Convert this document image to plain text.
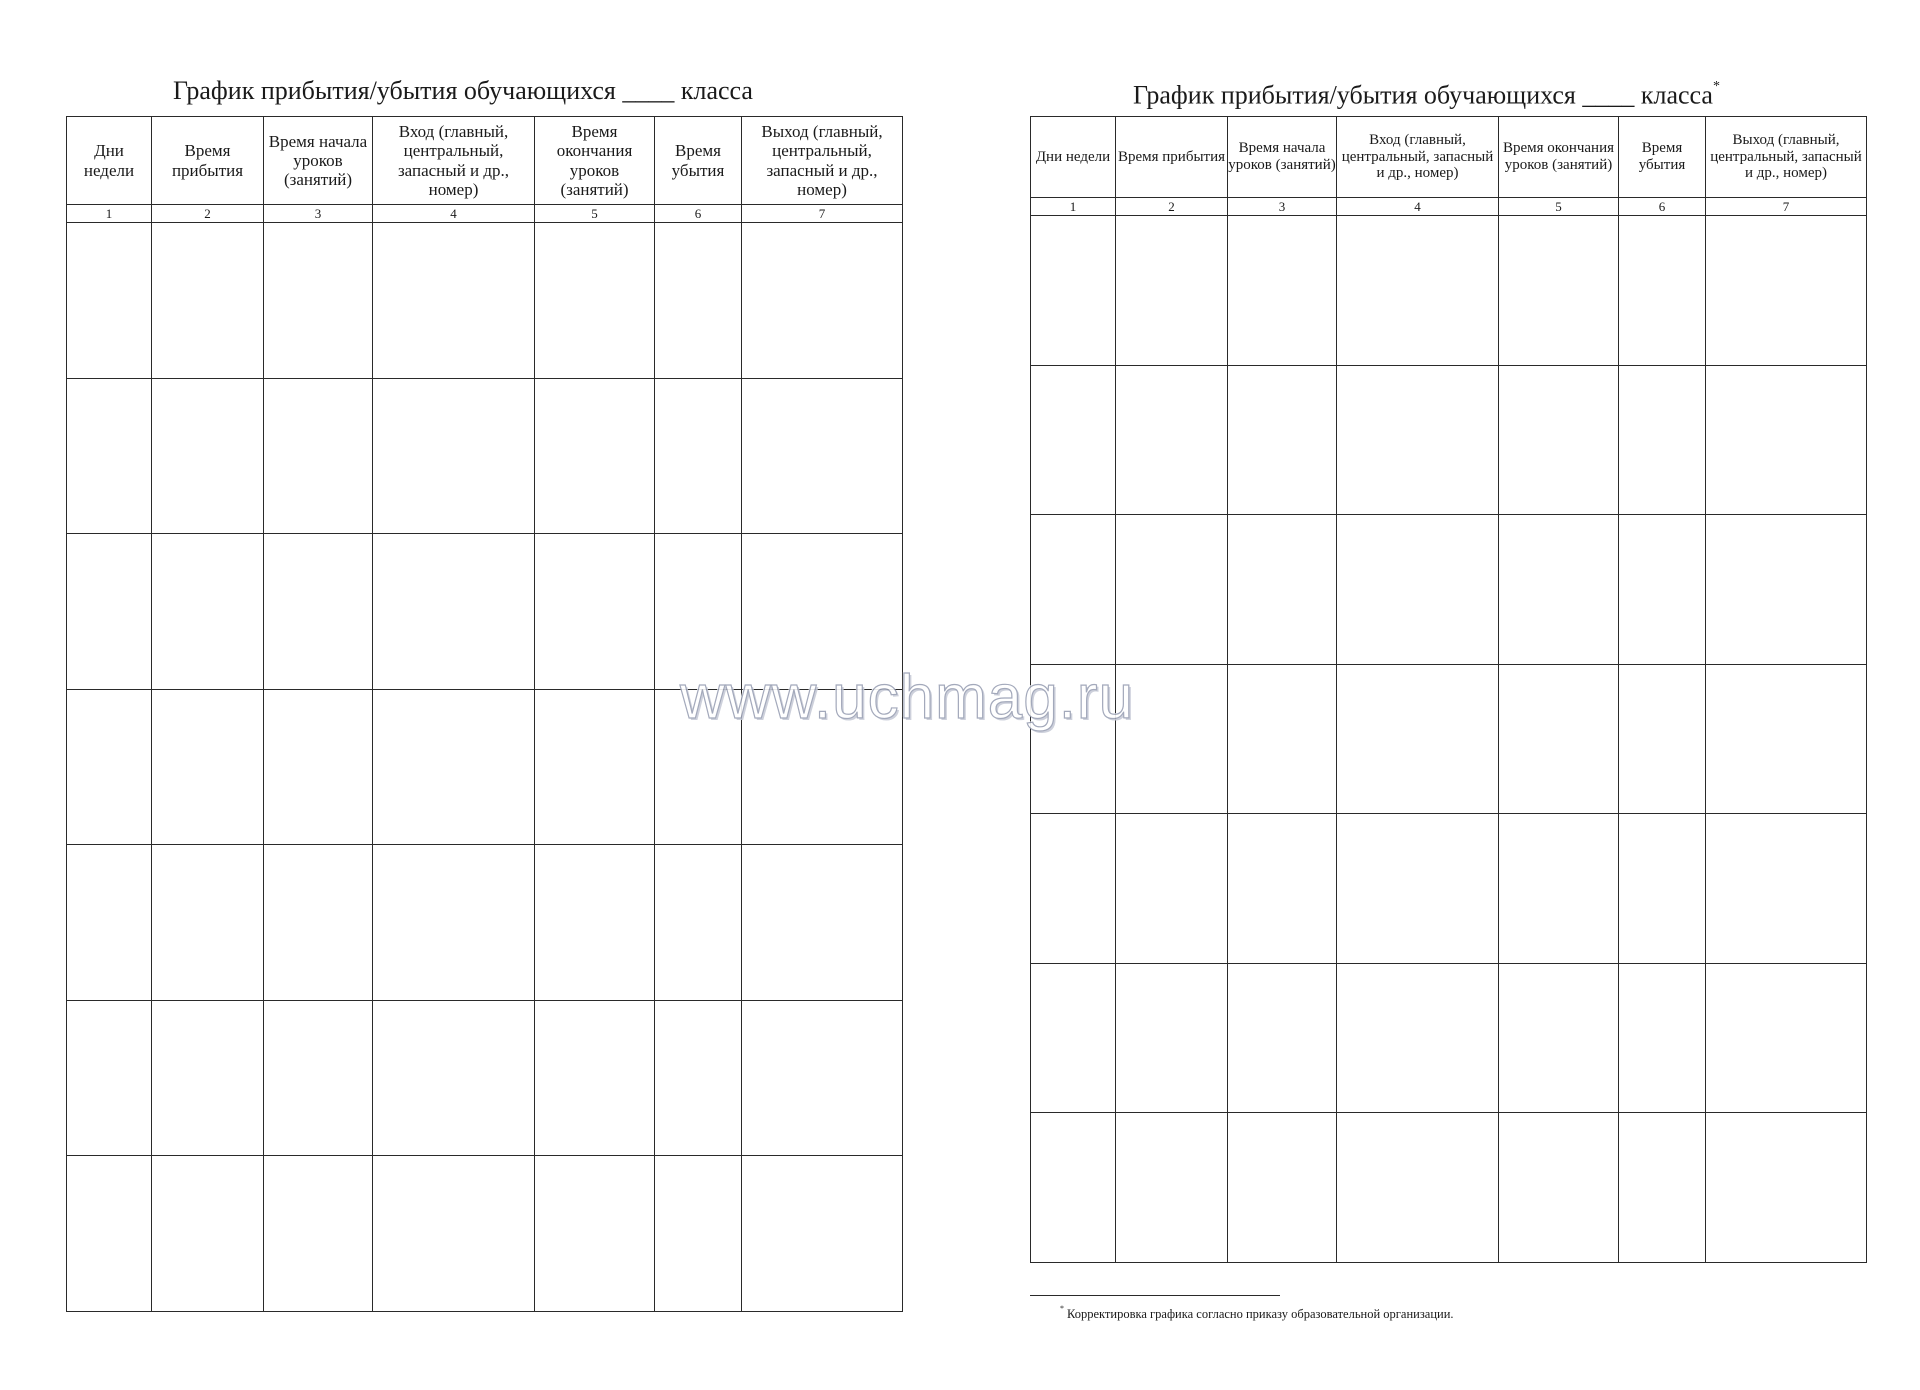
График прибытия/убытия обучающихся ____ класса
Дни недели	Время прибытия	Время начала уроков (занятий)	Вход (главный, центральный, запасный и др., номер)	Время окончания уроков (занятий)	Время убытия	Выход (главный, центральный, запасный и др., номер)
1	2	3	4	5	6	7

График прибытия/убытия обучающихся ____ класса*
Дни недели	Время прибытия	Время начала уроков (занятий)	Вход (главный, центральный, запасный и др., номер)	Время окончания уроков (занятий)	Время убытия	Выход (главный, центральный, запасный и др., номер)
1	2	3	4	5	6	7

* Корректировка графика согласно приказу образовательной организации.
www.uchmag.ru
